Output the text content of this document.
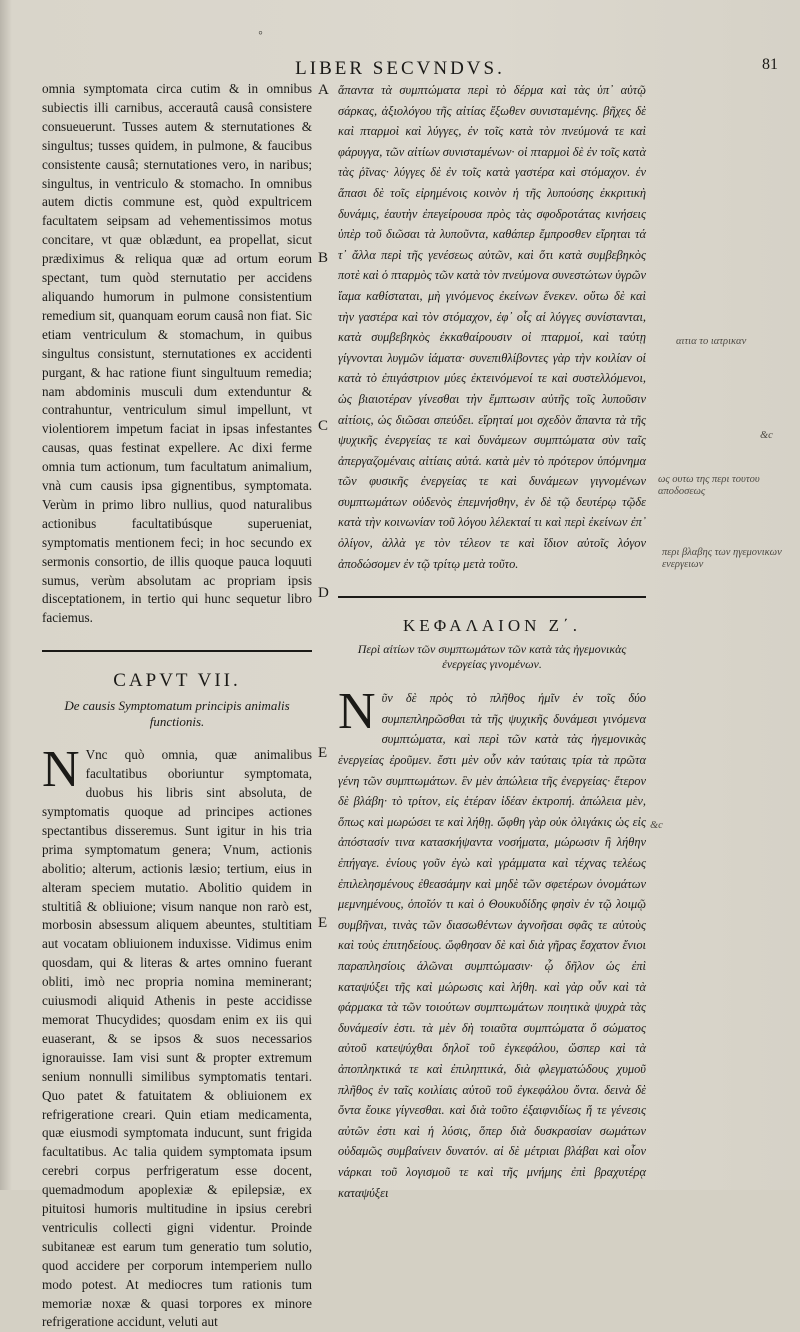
◦
LIBER SECVNDVS.	81

omnia symptomata circa cutim & in omnibus subiectis illi carnibus, accerautâ causâ consistere consueuerunt. Tusses autem & sternutationes & singultus; tusses quidem, in pulmone, & faucibus consistente causâ; sternutationes vero, in naribus; singultus, in ventriculo & stomacho. In omnibus autem dictis commune est, quòd expultricem facultatem seipsam ad vehementissimos motus concitare, vt quæ oblædunt, ea propellat, sicut prædiximus & reliqua quæ ad ortum eorum spectant, tum quòd sternutatio per accidens aliquando humorum in pulmone consistentium remedium sit, quanquam eorum causâ non fiat. Sic etiam ventriculum & stomachum, in quibus singultus consistunt, sternutationes ex accidenti purgant, & hac ratione fiunt singultuum remedia; nam abdominis musculi dum extenduntur & contrahuntur, ventriculum simul impellunt, vt violentiorem impetum faciat in ipsas infestantes causas, quas festinat expellere. Ac dixi ferme omnia tum actionum, tum facultatum animalium, vnà cum causis ipsa gignentibus, symptomata. Verùm in primo libro nullius, quod naturalibus actionibus facultatibúsque superueniat, symptomatis mentionem feci; in hoc secundo ex sermonis consortio, de illis quoque pauca loquuti sumus, verùm absolutam ac propriam ipsis disceptationem, in tertio qui hunc sequetur libro faciemus.

CAPVT VII.
De causis Symptomatum principis animalis functionis.
N Vnc quò omnia, quæ animalibus facultatibus oboriuntur symptomata, duobus his libris sint absoluta, de symptomatis quoque ad principes actiones spectantibus disseremus. Sunt igitur in his tria prima symptomatum genera; Vnum, actionis abolitio; alterum, actionis læsio; tertium, eius in alteram speciem mutatio. Abolitio quidem in stultitiâ & obliuione; visum nanque non rarò est, morbosin absessum aliquem abeuntes, stultitiam aut vocatam obliuionem induxisse. Vidimus enim quosdam, qui & literas & artes omnino fuerant obliti, imò nec propria nomina meminerant; cuiusmodi aliquid Athenis in peste accidisse memorat Thucydides; quosdam enim ex iis qui euaserant, & se ipsos & suos necessarios ignorauisse. Iam visi sunt & propter extremum senium nonnulli similibus symptomatis tentari. Quo patet & fatuitatem & obliuionem ex refrigeratione creari. Quin etiam medicamenta, quæ eiusmodi symptomata inducunt, sunt frigida facultatibus. Ac talia quidem symptomata ipsum cerebri corpus perfrigeratum esse docent, quemadmodum apoplexiæ & epilepsiæ, ex pituitosi humoris multitudine in ipsius cerebri ventriculis collecti gigni videntur. Proinde subitaneæ est earum tum generatio tum solutio, quod accidere per corporum intemperiem nullo modo potest. At mediocres tum rationis tum memoriæ noxæ & quasi torpores ex minore refrigeratione accidunt, veluti aut

ἅπαντα τὰ συμπτώματα περὶ τὸ δέρμα καὶ τὰς ὑπ᾽ αὐτῷ σάρκας, ἀξιολόγου τῆς αἰτίας ἔξωθεν συνισταμένης. βῆχες δὲ καὶ πταρμοὶ καὶ λύγγες, ἐν τοῖς κατὰ τὸν πνεύμονά τε καὶ φάρυγγα, τῶν αἰτίων συνισταμένων· οἱ πταρμοὶ δὲ ἐν τοῖς κατὰ τὰς ῥῖνας· λύγγες δὲ ἐν τοῖς κατὰ γαστέρα καὶ στόμαχον. ἐν ἅπασι δὲ τοῖς εἰρημένοις κοινὸν ἡ τῆς λυπούσης ἐκκριτικὴ δυνάμις, ἑαυτὴν ἐπεγείρουσα πρὸς τὰς σφοδροτάτας κινήσεις ὑπὲρ τοῦ διῶσαι τὰ λυποῦντα, καθάπερ ἔμπροσθεν εἴρηται τά τ᾽ ἄλλα περὶ τῆς γενέσεως αὐτῶν, καὶ ὅτι κατὰ συμβεβηκὸς ποτὲ καὶ ὁ πταρμὸς τῶν κατὰ τὸν πνεύμονα συνεστώτων ὑγρῶν ἴαμα καθίσταται, μὴ γινόμενος ἐκείνων ἕνεκεν. οὕτω δὲ καὶ τὴν γαστέρα καὶ τὸν στόμαχον, ἐφ᾽ οἷς αἱ λύγγες συνίστανται, κατὰ συμβεβηκὸς ἐκκαθαίρουσιν οἱ πταρμοί, καὶ ταύτῃ γίγνονται λυγμῶν ἰάματα· συνεπιθλίβοντες γὰρ τὴν κοιλίαν οἱ κατὰ τὸ ἐπιγάστριον μύες ἐκτεινόμενοί τε καὶ συστελλόμενοι, ὡς βιαιοτέραν γίνεσθαι τὴν ἔμπτωσιν αὐτῆς τοῖς λυποῦσιν αἰτίοις, ὡς διῶσαι σπεύδει. εἴρηταί μοι σχεδὸν ἅπαντα τὰ τῆς ψυχικῆς ἐνεργείας τε καὶ δυνάμεων συμπτώματα σὺν ταῖς ἀπεργαζομέναις αἰτίαις αὐτά. κατὰ μὲν τὸ πρότερον ὑπόμνημα τῶν φυσικῆς ἐνεργείας τε καὶ δυνάμεων γιγνομένων συμπτωμάτων οὐδενὸς ἐπεμνήσθην, ἐν δὲ τῷ δευτέρῳ τῷδε κατὰ τὴν κοινωνίαν τοῦ λόγου λέλεκταί τι καὶ περὶ ἐκείνων ἐπ᾽ ὀλίγον, ἀλλὰ γε τὸν τέλεον τε καὶ ἴδιον αὐτοῖς λόγον ἀποδώσομεν ἐν τῷ τρίτῳ μετὰ τοῦτο.

ΚΕΦΑΛΑΙΟΝ Ζ΄.
Περὶ αἰτίων τῶν συμπτωμάτων τῶν κατὰ τὰς ἡγεμονικὰς ἐνεργείας γινομένων.
Ν ῦν δὲ πρὸς τὸ πλῆθος ἡμῖν ἐν τοῖς δύο συμπεπληρῶσθαι τὰ τῆς ψυχικῆς δυνάμεσι γινόμενα συμπτώματα, καὶ περὶ τῶν κατὰ τὰς ἡγεμονικὰς ἐνεργείας ἐροῦμεν. ἔστι μὲν οὖν κἀν ταύταις τρία τὰ πρῶτα γένη τῶν συμπτωμάτων. ἓν μὲν ἀπώλεια τῆς ἐνεργείας· ἕτερον δὲ βλάβη· τὸ τρίτον, εἰς ἑτέραν ἰδέαν ἐκτροπή. ἀπώλεια μὲν, ὅπως καὶ μωρώσει τε καὶ λήθῃ. ὤφθη γὰρ οὐκ ὀλιγάκις ὡς εἰς ἀπόστασίν τινα κατασκήψαντα νοσήματα, μώρωσιν ἢ λήθην ἐπήγαγε. ἐνίους γοῦν ἐγὼ καὶ γράμματα καὶ τέχνας τελέως ἐπιλελησμένους ἐθεασάμην καὶ μηδὲ τῶν σφετέρων ὀνομάτων μεμνημένους, ὁποῖόν τι καὶ ὁ Θουκυδίδης φησὶν ἐν τῷ λοιμῷ συμβῆναι, τινὰς τῶν διασωθέντων ἀγνοῆσαι σφᾶς τε αὐτοὺς καὶ τοὺς ἐπιτηδείους. ὤφθησαν δὲ καὶ διὰ γῆρας ἔσχατον ἔνιοι παραπλησίοις ἁλῶναι συμπτώμασιν· ᾧ δῆλον ὡς ἐπὶ καταψύξει τῆς καὶ μώρωσις καὶ λήθη. καὶ γὰρ οὖν καὶ τὰ φάρμακα τὰ τῶν τοιούτων συμπτωμάτων ποιητικὰ ψυχρὰ τὰς δυνάμεσίν ἐστι. τὰ μὲν δὴ τοιαῦτα συμπτώματα ὅ σώματος αὐτοῦ κατεψύχθαι δηλοῖ τοῦ ἐγκεφάλου, ὥσπερ καὶ τὰ ἀποπληκτικά τε καὶ ἐπιληπτικά, διὰ φλεγματώδους χυμοῦ πλῆθος ἐν ταῖς κοιλίαις αὐτοῦ τοῦ ἐγκεφάλου ὄντα. δεινὰ δὲ ὄντα ἔοικε γίγνεσθαι. καὶ διὰ τοῦτο ἐξαιφνιδίως ἥ τε γένεσις αὐτῶν ἐστι καὶ ἡ λύσις, ὅπερ διὰ δυσκρασίαν σωμάτων οὐδαμῶς συμβαίνειν δυνατόν. αἱ δὲ μέτριαι βλάβαι καὶ οἷον νάρκαι τοῦ λογισμοῦ τε καὶ τῆς μνήμης ἐπὶ βραχυτέρᾳ καταψύξει

A
B
C
D
E
E
αιτια το ιατρικαν
&c
ως ουτω της περι τουτου αποδοσεως
περι βλαβης των ηγεμονικων ενεργειων
&c
